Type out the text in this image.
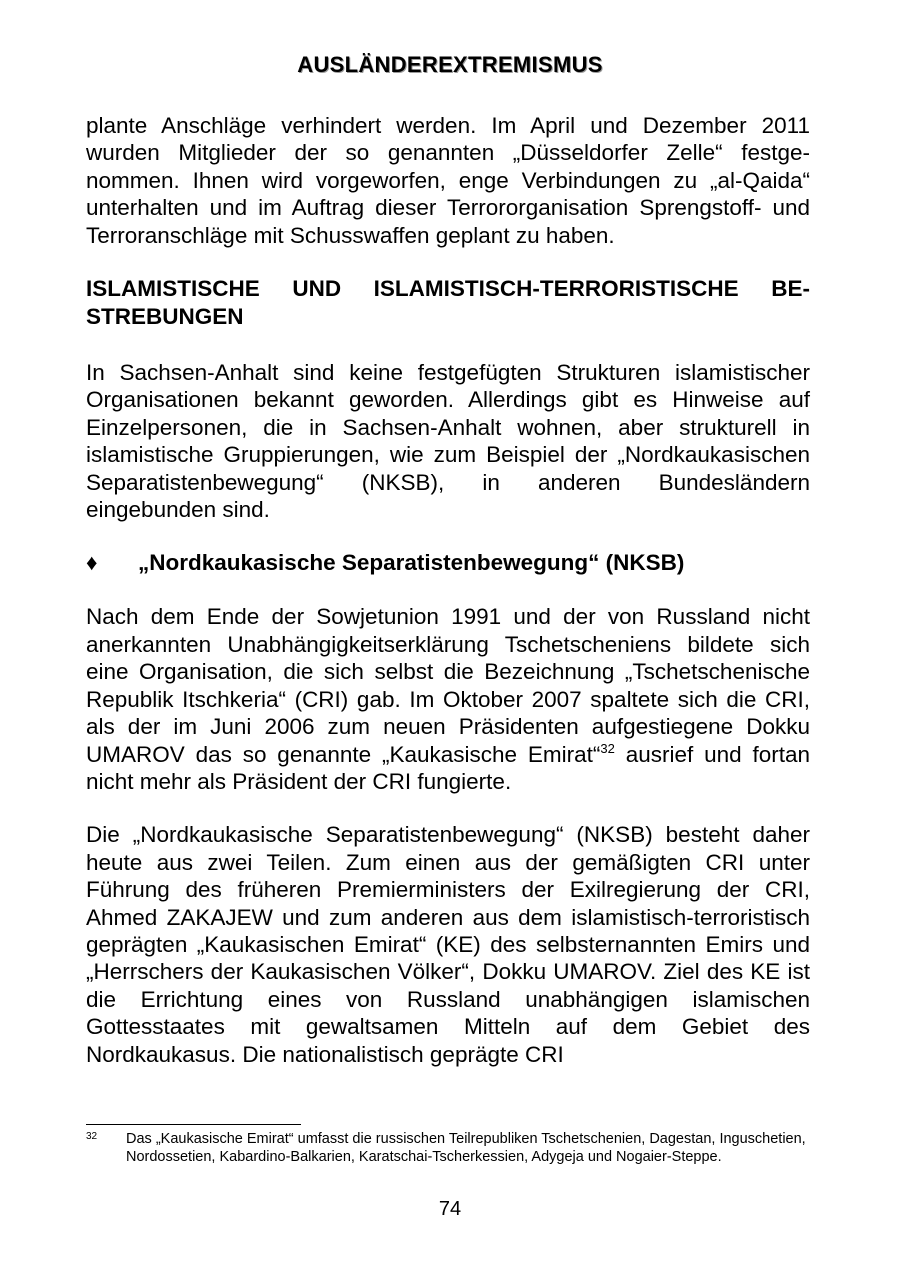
AUSLÄNDEREXTREMISMUS

plante Anschläge verhindert werden. Im April und Dezember 2011 wurden Mitglieder der so genannten „Düsseldorfer Zelle“ festgenommen. Ihnen wird vorgeworfen, enge Verbindungen zu „al-Qaida“ unterhalten und im Auftrag dieser Terrororganisation Sprengstoff- und Terroranschläge mit Schusswaffen geplant zu haben.

ISLAMISTISCHE UND ISLAMISTISCH-TERRORISTISCHE BESTREBUNGEN

In Sachsen-Anhalt sind keine festgefügten Strukturen islamistischer Organisationen bekannt geworden. Allerdings gibt es Hinweise auf Einzelpersonen, die in Sachsen-Anhalt wohnen, aber strukturell in islamistische Gruppierungen, wie zum Beispiel der „Nordkaukasischen Separatistenbewegung“ (NKSB), in anderen Bundesländern eingebunden sind.

♦	„Nordkaukasische Separatistenbewegung“ (NKSB)

Nach dem Ende der Sowjetunion 1991 und der von Russland nicht anerkannten Unabhängigkeitserklärung Tschetscheniens bildete sich eine Organisation, die sich selbst die Bezeichnung „Tschetschenische Republik Itschkeria“ (CRI) gab. Im Oktober 2007 spaltete sich die CRI, als der im Juni 2006 zum neuen Präsidenten aufgestiegene Dokku UMAROV das so genannte „Kaukasische Emirat“$^{32}$ ausrief und fortan nicht mehr als Präsident der CRI fungierte.

Die „Nordkaukasische Separatistenbewegung“ (NKSB) besteht daher heute aus zwei Teilen. Zum einen aus der gemäßigten CRI unter Führung des früheren Premierministers der Exilregierung der CRI, Ahmed ZAKAJEW und zum anderen aus dem islamistisch-terroristisch geprägten „Kaukasischen Emirat“ (KE) des selbsternannten Emirs und „Herrschers der Kaukasischen Völker“, Dokku UMAROV. Ziel des KE ist die Errichtung eines von Russland unabhängigen islamischen Gottesstaates mit gewaltsamen Mitteln auf dem Gebiet des Nordkaukasus. Die nationalistisch geprägte CRI

32	Das „Kaukasische Emirat“ umfasst die russischen Teilrepubliken Tschetschenien, Dagestan, Inguschetien, Nordossetien, Kabardino-Balkarien, Karatschai-Tscherkessien, Adygeja und Nogaier-Steppe.
74
